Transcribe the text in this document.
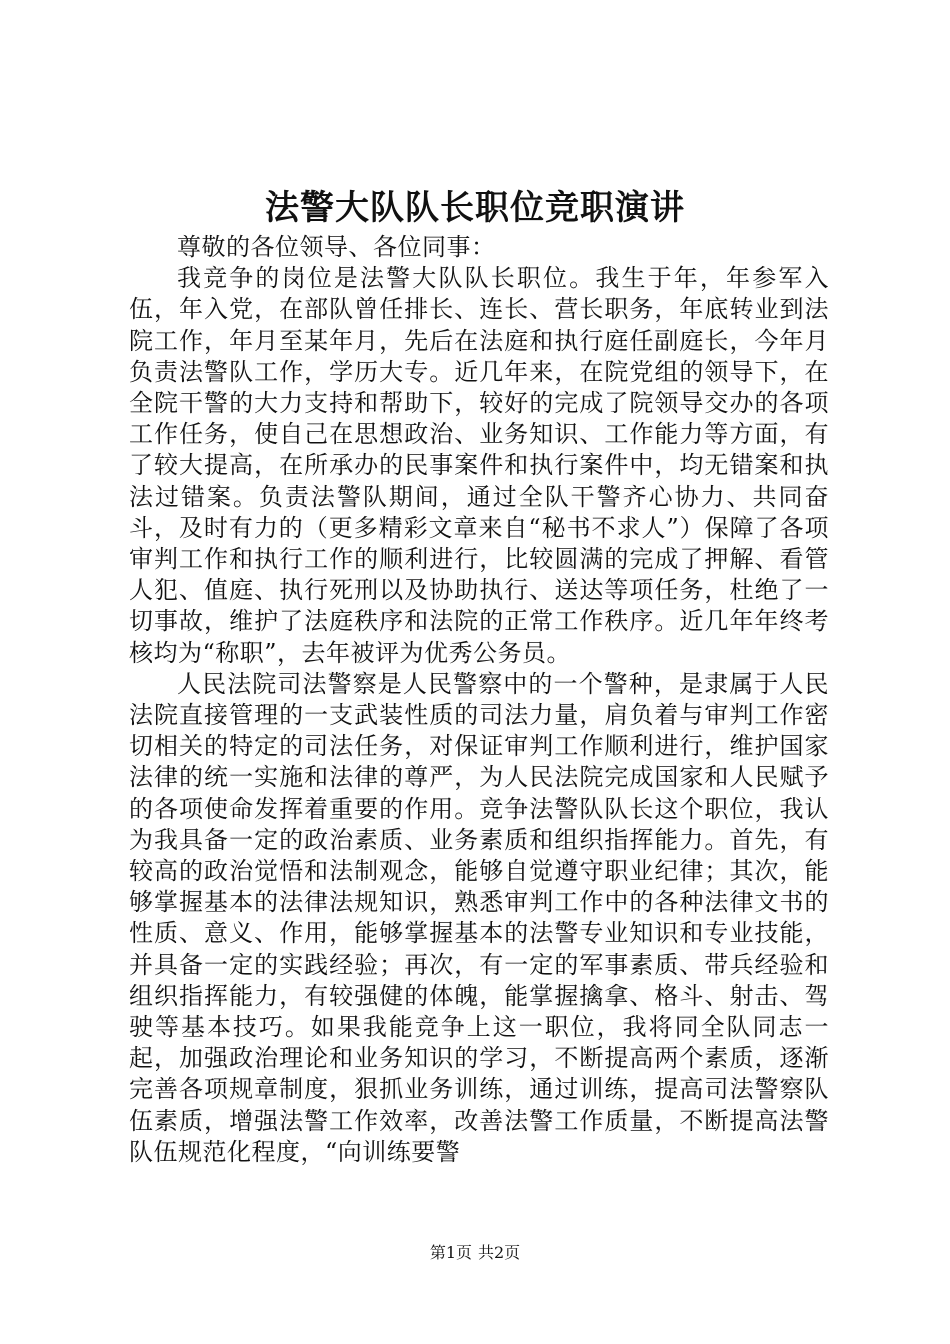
法警大队队长职位竞职演讲

尊敬的各位领导、各位同事：

我竞争的岗位是法警大队队长职位。我生于年，年参军入伍，年入党，在部队曾任排长、连长、营长职务，年底转业到法院工作，年月至某年月，先后在法庭和执行庭任副庭长，今年月负责法警队工作，学历大专。近几年来，在院党组的领导下，在全院干警的大力支持和帮助下，较好的完成了院领导交办的各项工作任务，使自己在思想政治、业务知识、工作能力等方面，有了较大提高，在所承办的民事案件和执行案件中，均无错案和执法过错案。负责法警队期间，通过全队干警齐心协力、共同奋斗，及时有力的（更多精彩文章来自“秘书不求人”）保障了各项审判工作和执行工作的顺利进行，比较圆满的完成了押解、看管人犯、值庭、执行死刑以及协助执行、送达等项任务，杜绝了一切事故，维护了法庭秩序和法院的正常工作秩序。近几年年终考核均为“称职”，去年被评为优秀公务员。

人民法院司法警察是人民警察中的一个警种，是隶属于人民法院直接管理的一支武装性质的司法力量，肩负着与审判工作密切相关的特定的司法任务，对保证审判工作顺利进行，维护国家法律的统一实施和法律的尊严，为人民法院完成国家和人民赋予的各项使命发挥着重要的作用。竞争法警队队长这个职位，我认为我具备一定的政治素质、业务素质和组织指挥能力。首先，有较高的政治觉悟和法制观念，能够自觉遵守职业纪律；其次，能够掌握基本的法律法规知识，熟悉审判工作中的各种法律文书的性质、意义、作用，能够掌握基本的法警专业知识和专业技能，并具备一定的实践经验；再次，有一定的军事素质、带兵经验和组织指挥能力，有较强健的体魄，能掌握擒拿、格斗、射击、驾驶等基本技巧。如果我能竞争上这一职位，我将同全队同志一起，加强政治理论和业务知识的学习，不断提高两个素质，逐渐完善各项规章制度，狠抓业务训练，通过训练，提高司法警察队伍素质，增强法警工作效率，改善法警工作质量，不断提高法警队伍规范化程度，“向训练要警

第1页 共2页
